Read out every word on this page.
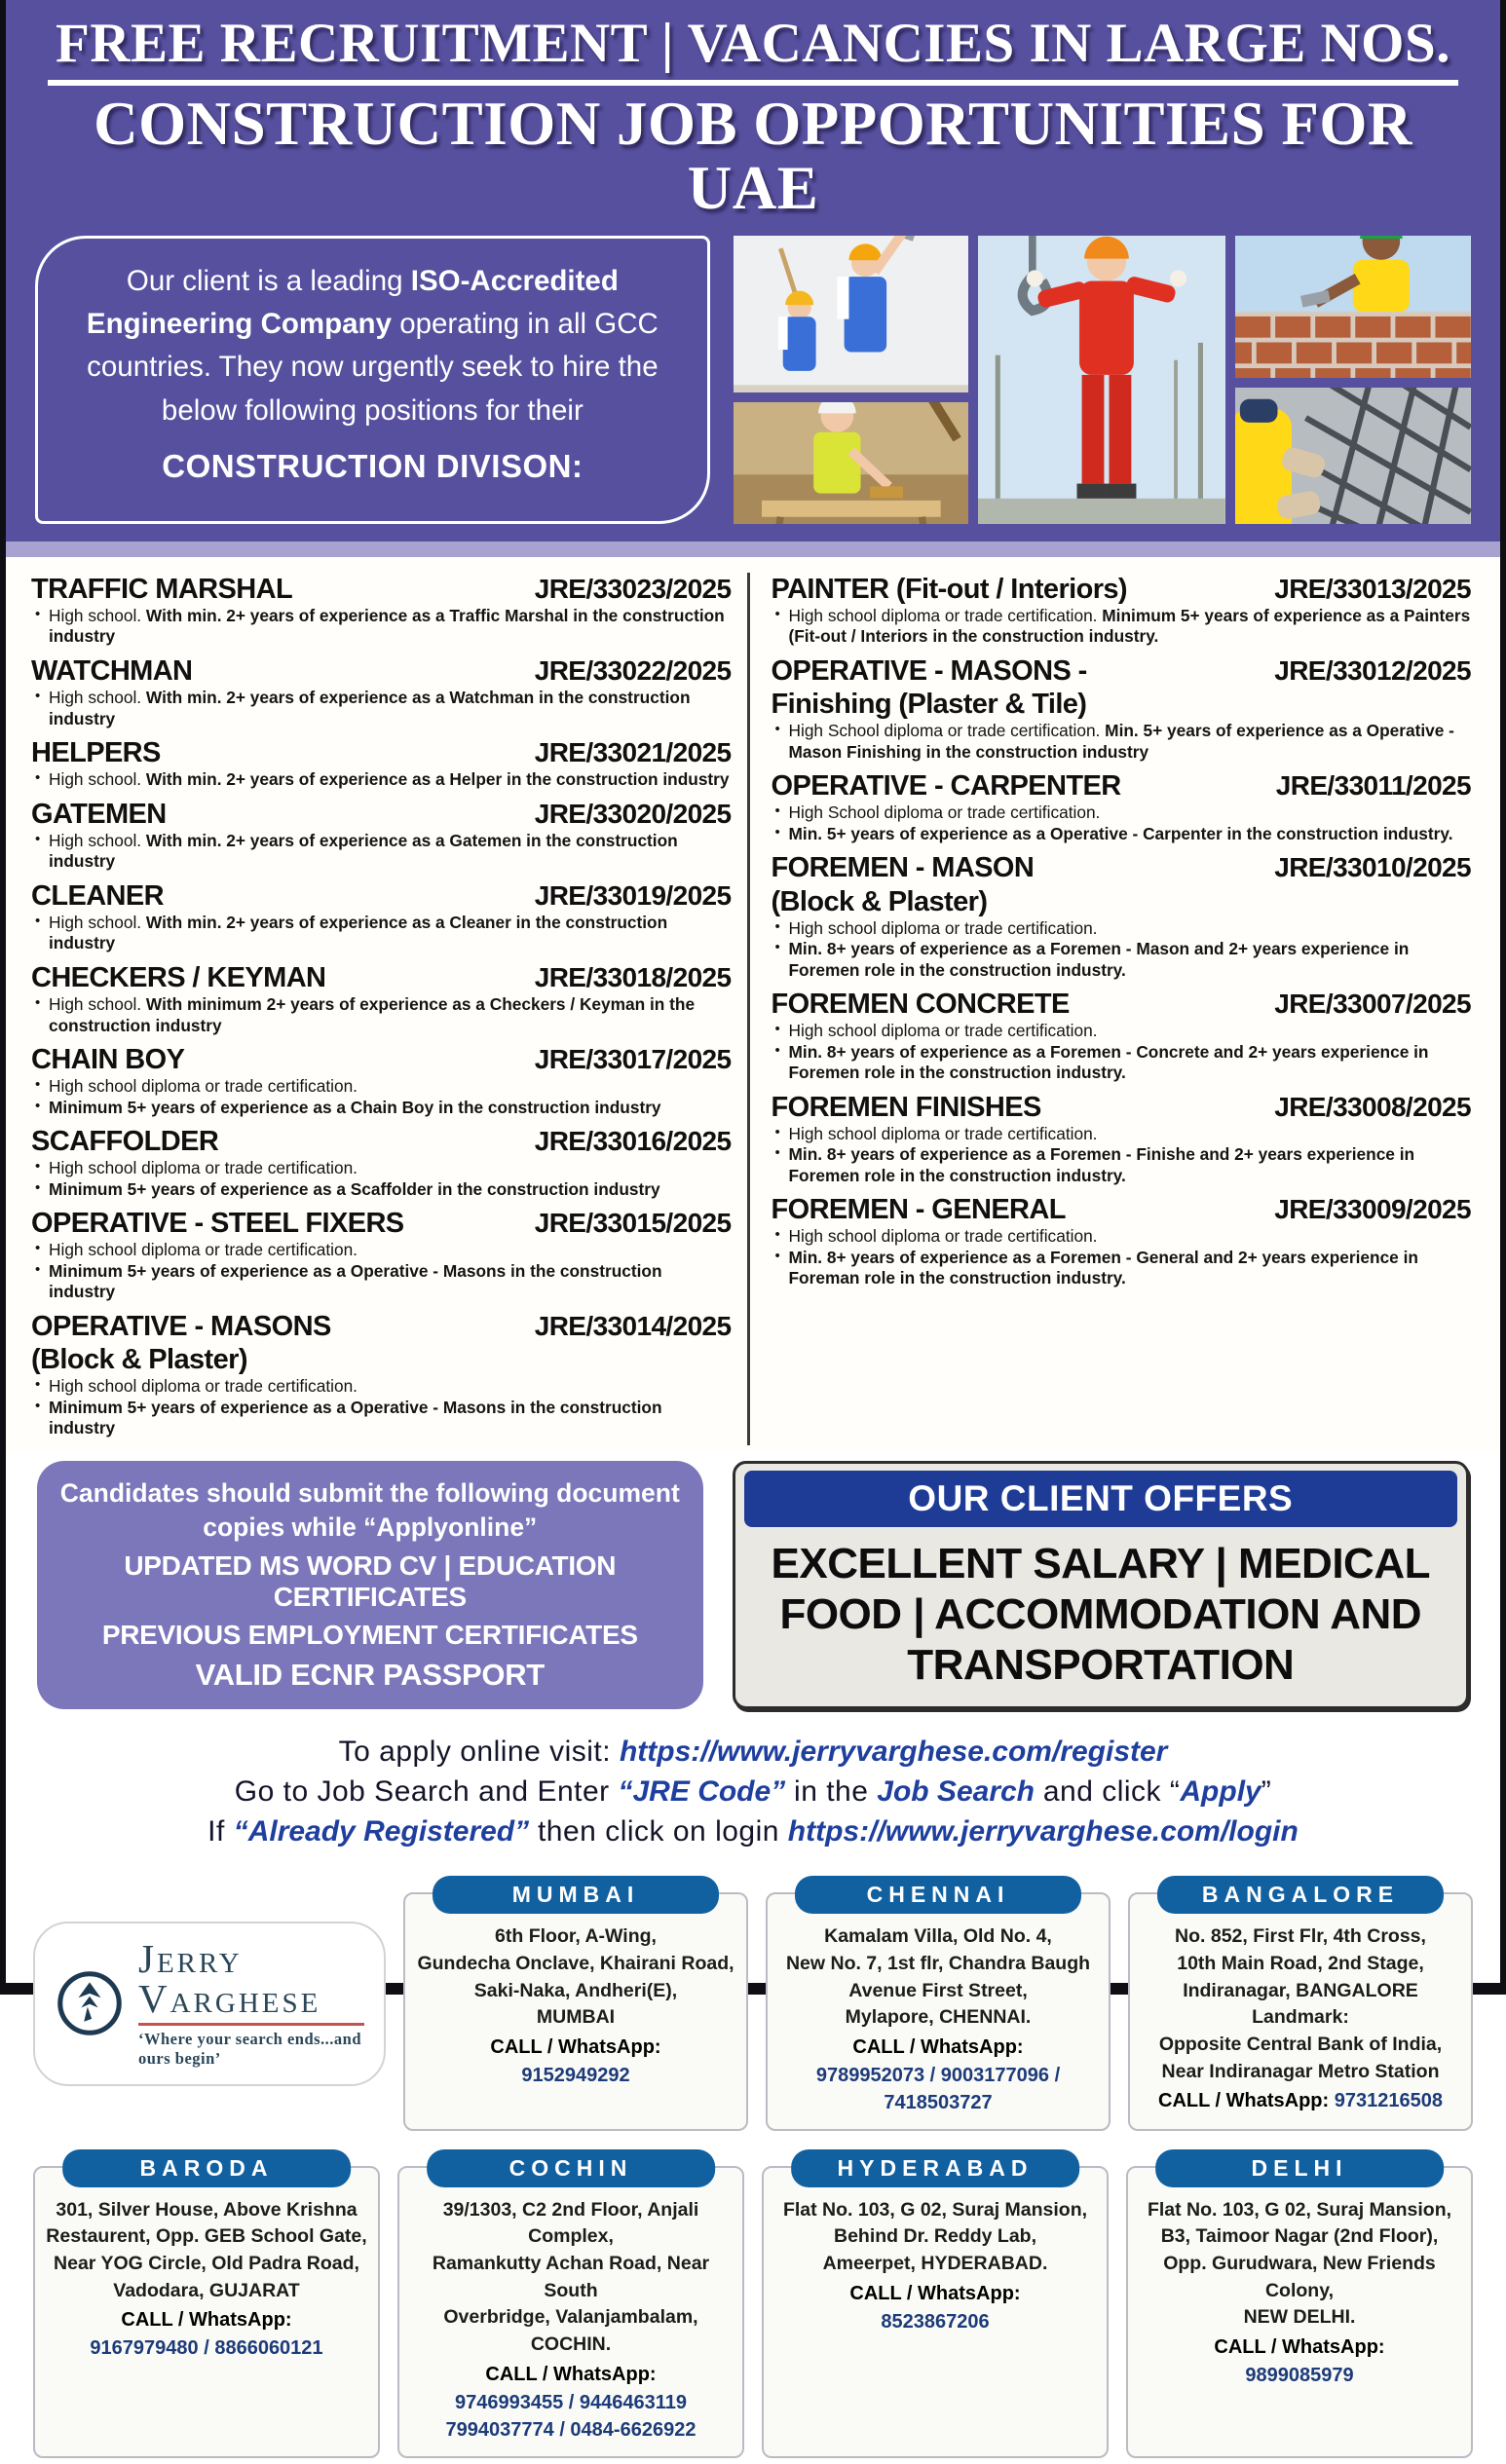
FREE RECRUITMENT | VACANCIES IN LARGE NOS.
CONSTRUCTION JOB OPPORTUNITIES FOR UAE
Our client is a leading ISO-Accredited Engineering Company operating in all GCC countries. They now urgently seek to hire the below following positions for their
CONSTRUCTION DIVISON:
TRAFFIC MARSHAL	JRE/33023/2025
• High school. With min. 2+ years of experience as a Traffic Marshal in the construction industry
WATCHMAN	JRE/33022/2025
• High school. With min. 2+ years of experience as a Watchman in the construction industry
HELPERS	JRE/33021/2025
• High school. With min. 2+ years of experience as a Helper in the construction industry
GATEMEN	JRE/33020/2025
• High school. With min. 2+ years of experience as a Gatemen in the construction industry
CLEANER	JRE/33019/2025
• High school. With min. 2+ years of experience as a Cleaner in the construction industry
CHECKERS / KEYMAN	JRE/33018/2025
• High school. With minimum 2+ years of experience as a Checkers / Keyman in the construction industry
CHAIN BOY	JRE/33017/2025
• High school diploma or trade certification.
• Minimum 5+ years of experience as a Chain Boy in the construction industry
SCAFFOLDER	JRE/33016/2025
• High school diploma or trade certification.
• Minimum 5+ years of experience as a Scaffolder in the construction industry
OPERATIVE - STEEL FIXERS	JRE/33015/2025
• High school diploma or trade certification.
• Minimum 5+ years of experience as a Operative - Masons in the construction industry
OPERATIVE - MASONS	JRE/33014/2025
(Block & Plaster)
• High school diploma or trade certification.
• Minimum 5+ years of experience as a Operative - Masons in the construction industry
PAINTER (Fit-out / Interiors)	JRE/33013/2025
• High school diploma or trade certification. Minimum 5+ years of experience as a Painters (Fit-out / Interiors in the construction industry.
OPERATIVE - MASONS -	JRE/33012/2025
Finishing (Plaster & Tile)
• High School diploma or trade certification. Min. 5+ years of experience as a Operative - Mason Finishing in the construction industry
OPERATIVE - CARPENTER	JRE/33011/2025
• High School diploma or trade certification.
• Min. 5+ years of experience as a Operative - Carpenter in the construction industry.
FOREMEN - MASON	JRE/33010/2025
(Block & Plaster)
• High school diploma or trade certification.
• Min. 8+ years of experience as a Foremen - Mason and 2+ years experience in Foremen role in the construction industry.
FOREMEN CONCRETE	JRE/33007/2025
• High school diploma or trade certification.
• Min. 8+ years of experience as a Foremen - Concrete and 2+ years experience in Foremen role in the construction industry.
FOREMEN FINISHES	JRE/33008/2025
• High school diploma or trade certification.
• Min. 8+ years of experience as a Foremen - Finishe and 2+ years experience in Foremen role in the construction industry.
FOREMEN - GENERAL	JRE/33009/2025
• High school diploma or trade certification.
• Min. 8+ years of experience as a Foremen - General and 2+ years experience in Foreman role in the construction industry.
Candidates should submit the following document copies while “Applyonline”
UPDATED MS WORD CV | EDUCATION CERTIFICATES
PREVIOUS EMPLOYMENT CERTIFICATES
VALID ECNR PASSPORT
OUR CLIENT OFFERS
EXCELLENT SALARY | MEDICAL FOOD | ACCOMMODATION AND TRANSPORTATION
To apply online visit: https://www.jerryvarghese.com/register
Go to Job Search and Enter “JRE Code” in the Job Search and click “Apply”
If “Already Registered” then click on login https://www.jerryvarghese.com/login
Jerry Varghese
‘Where your search ends...and ours begin’
MUMBAI
6th Floor, A-Wing,
Gundecha Onclave, Khairani Road,
Saki-Naka, Andheri(E),
MUMBAI
CALL / WhatsApp:
9152949292
CHENNAI
Kamalam Villa, Old No. 4,
New No. 7, 1st flr, Chandra Baugh
Avenue First Street,
Mylapore, CHENNAI.
CALL / WhatsApp:
9789952073 / 9003177096 /
7418503727
BANGALORE
No. 852, First Flr, 4th Cross,
10th Main Road, 2nd Stage,
Indiranagar, BANGALORE
Landmark:
Opposite Central Bank of India,
Near Indiranagar Metro Station
CALL / WhatsApp: 9731216508
BARODA
301, Silver House, Above Krishna
Restaurent, Opp. GEB School Gate,
Near YOG Circle, Old Padra Road,
Vadodara, GUJARAT
CALL / WhatsApp:
9167979480 / 8866060121
COCHIN
39/1303, C2 2nd Floor, Anjali Complex,
Ramankutty Achan Road, Near South
Overbridge, Valanjambalam, COCHIN.
CALL / WhatsApp:
9746993455 / 9446463119
7994037774 / 0484-6626922
HYDERABAD
Flat No. 103, G 02, Suraj Mansion,
Behind Dr. Reddy Lab,
Ameerpet, HYDERABAD.
CALL / WhatsApp:
8523867206
DELHI
Flat No. 103, G 02, Suraj Mansion,
B3, Taimoor Nagar (2nd Floor),
Opp. Gurudwara, New Friends Colony,
NEW DELHI.
CALL / WhatsApp:
9899085979
